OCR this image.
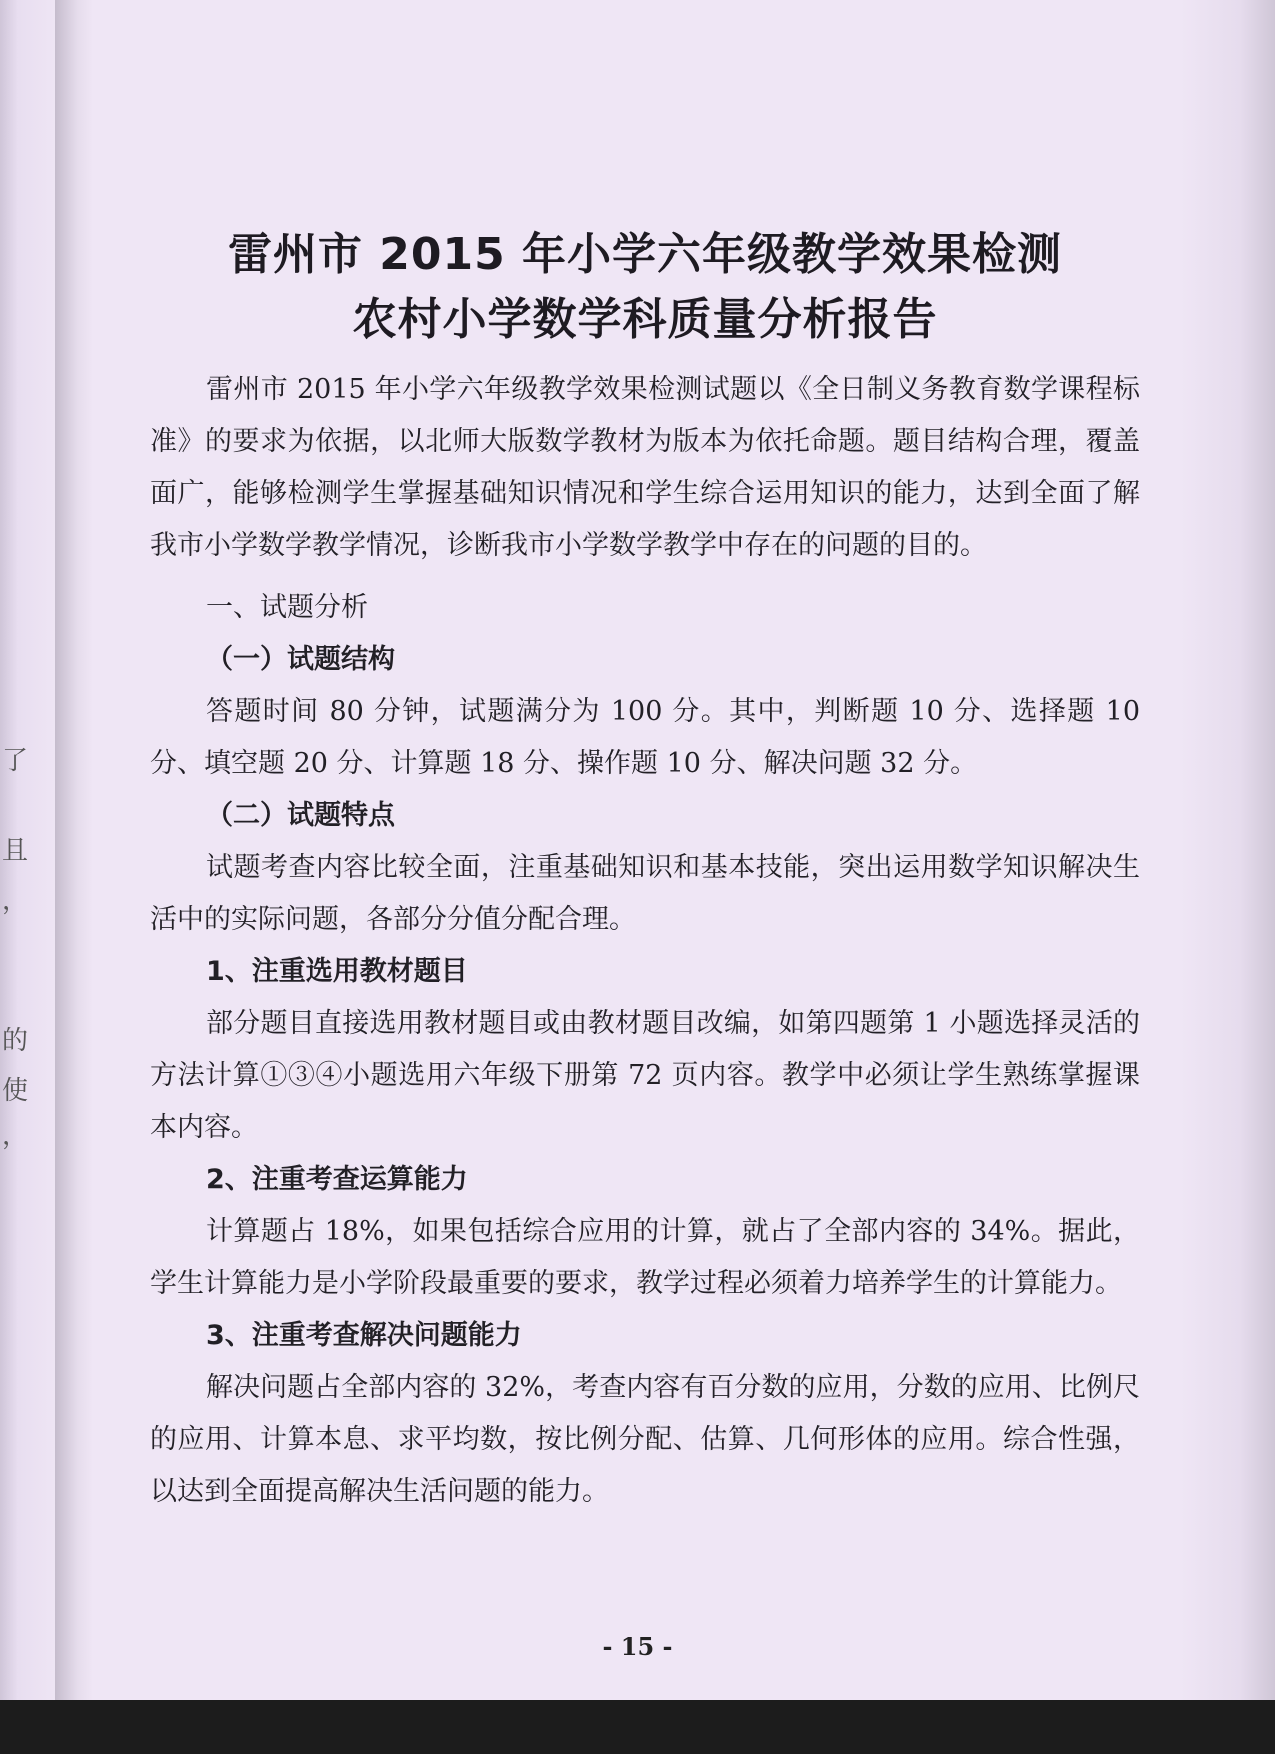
了
且
，
的
使
，
雷州市 2015 年小学六年级教学效果检测
农村小学数学科质量分析报告

雷州市 2015 年小学六年级教学效果检测试题以《全日制义务教育数学课程标准》的要求为依据，以北师大版数学教材为版本为依托命题。题目结构合理，覆盖面广，能够检测学生掌握基础知识情况和学生综合运用知识的能力，达到全面了解我市小学数学教学情况，诊断我市小学数学教学中存在的问题的目的。

一、试题分析

（一）试题结构

答题时间 80 分钟，试题满分为 100 分。其中，判断题 10 分、选择题 10 分、填空题 20 分、计算题 18 分、操作题 10 分、解决问题 32 分。

（二）试题特点

试题考查内容比较全面，注重基础知识和基本技能，突出运用数学知识解决生活中的实际问题，各部分分值分配合理。

1、注重选用教材题目

部分题目直接选用教材题目或由教材题目改编，如第四题第 1 小题选择灵活的方法计算①③④小题选用六年级下册第 72 页内容。教学中必须让学生熟练掌握课本内容。

2、注重考查运算能力

计算题占 18%，如果包括综合应用的计算，就占了全部内容的 34%。据此，学生计算能力是小学阶段最重要的要求，教学过程必须着力培养学生的计算能力。

3、注重考查解决问题能力

解决问题占全部内容的 32%，考查内容有百分数的应用，分数的应用、比例尺的应用、计算本息、求平均数，按比例分配、估算、几何形体的应用。综合性强，以达到全面提高解决生活问题的能力。

- 15 -
